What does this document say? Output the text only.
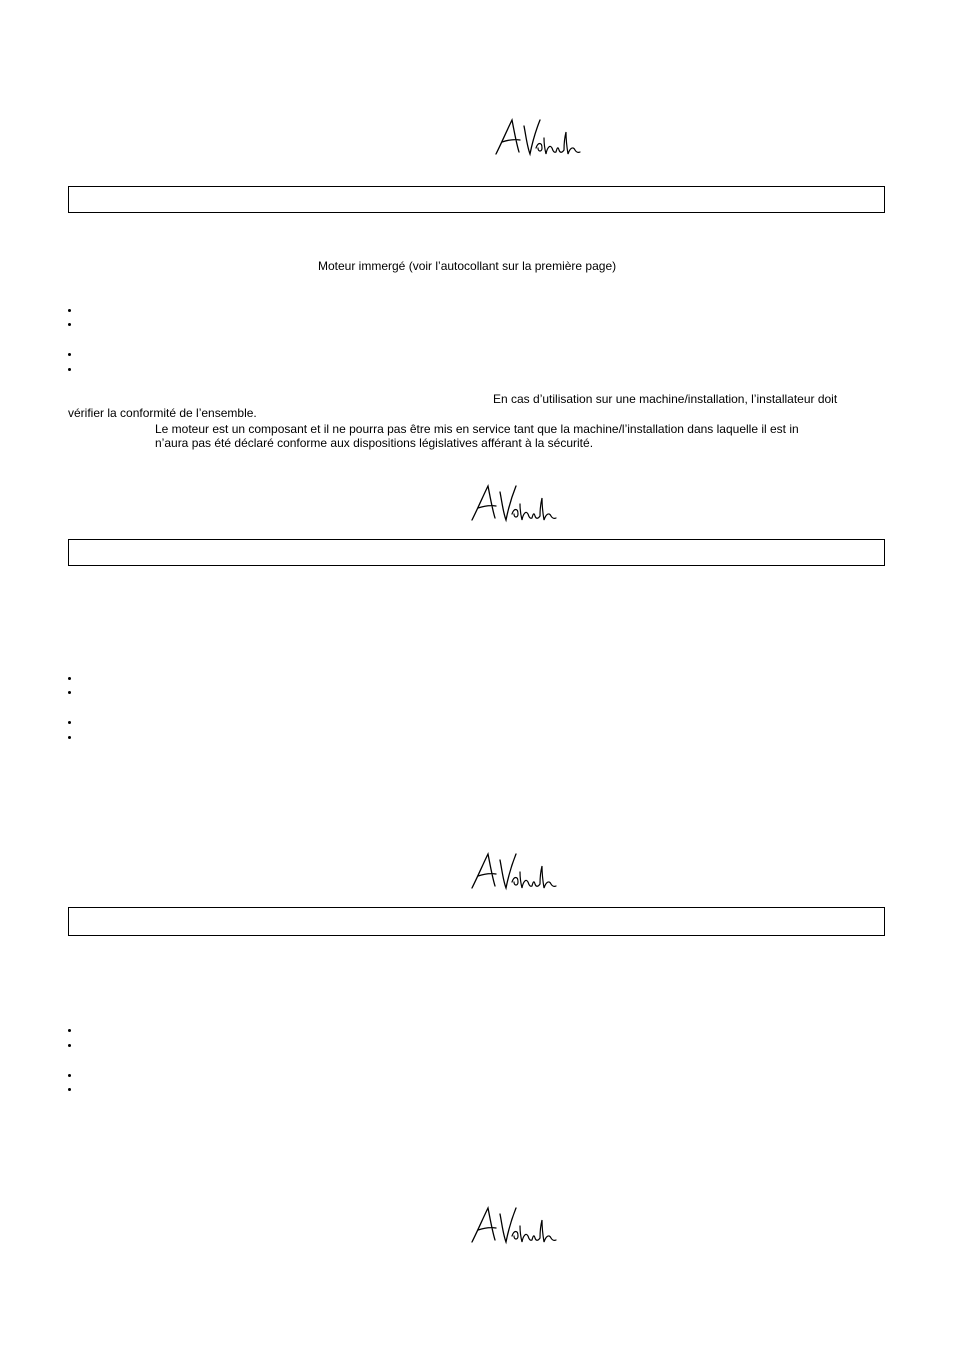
Moteur immergé (voir l’autocollant sur la première page)
En cas d’utilisation sur une machine/installation, l’installateur doit
vérifier la conformité de l’ensemble.
Le moteur est un composant et il ne pourra pas être mis en service tant que la machine/l’installation dans laquelle il est in
n’aura pas été déclaré conforme aux dispositions législatives afférant à la sécurité.
